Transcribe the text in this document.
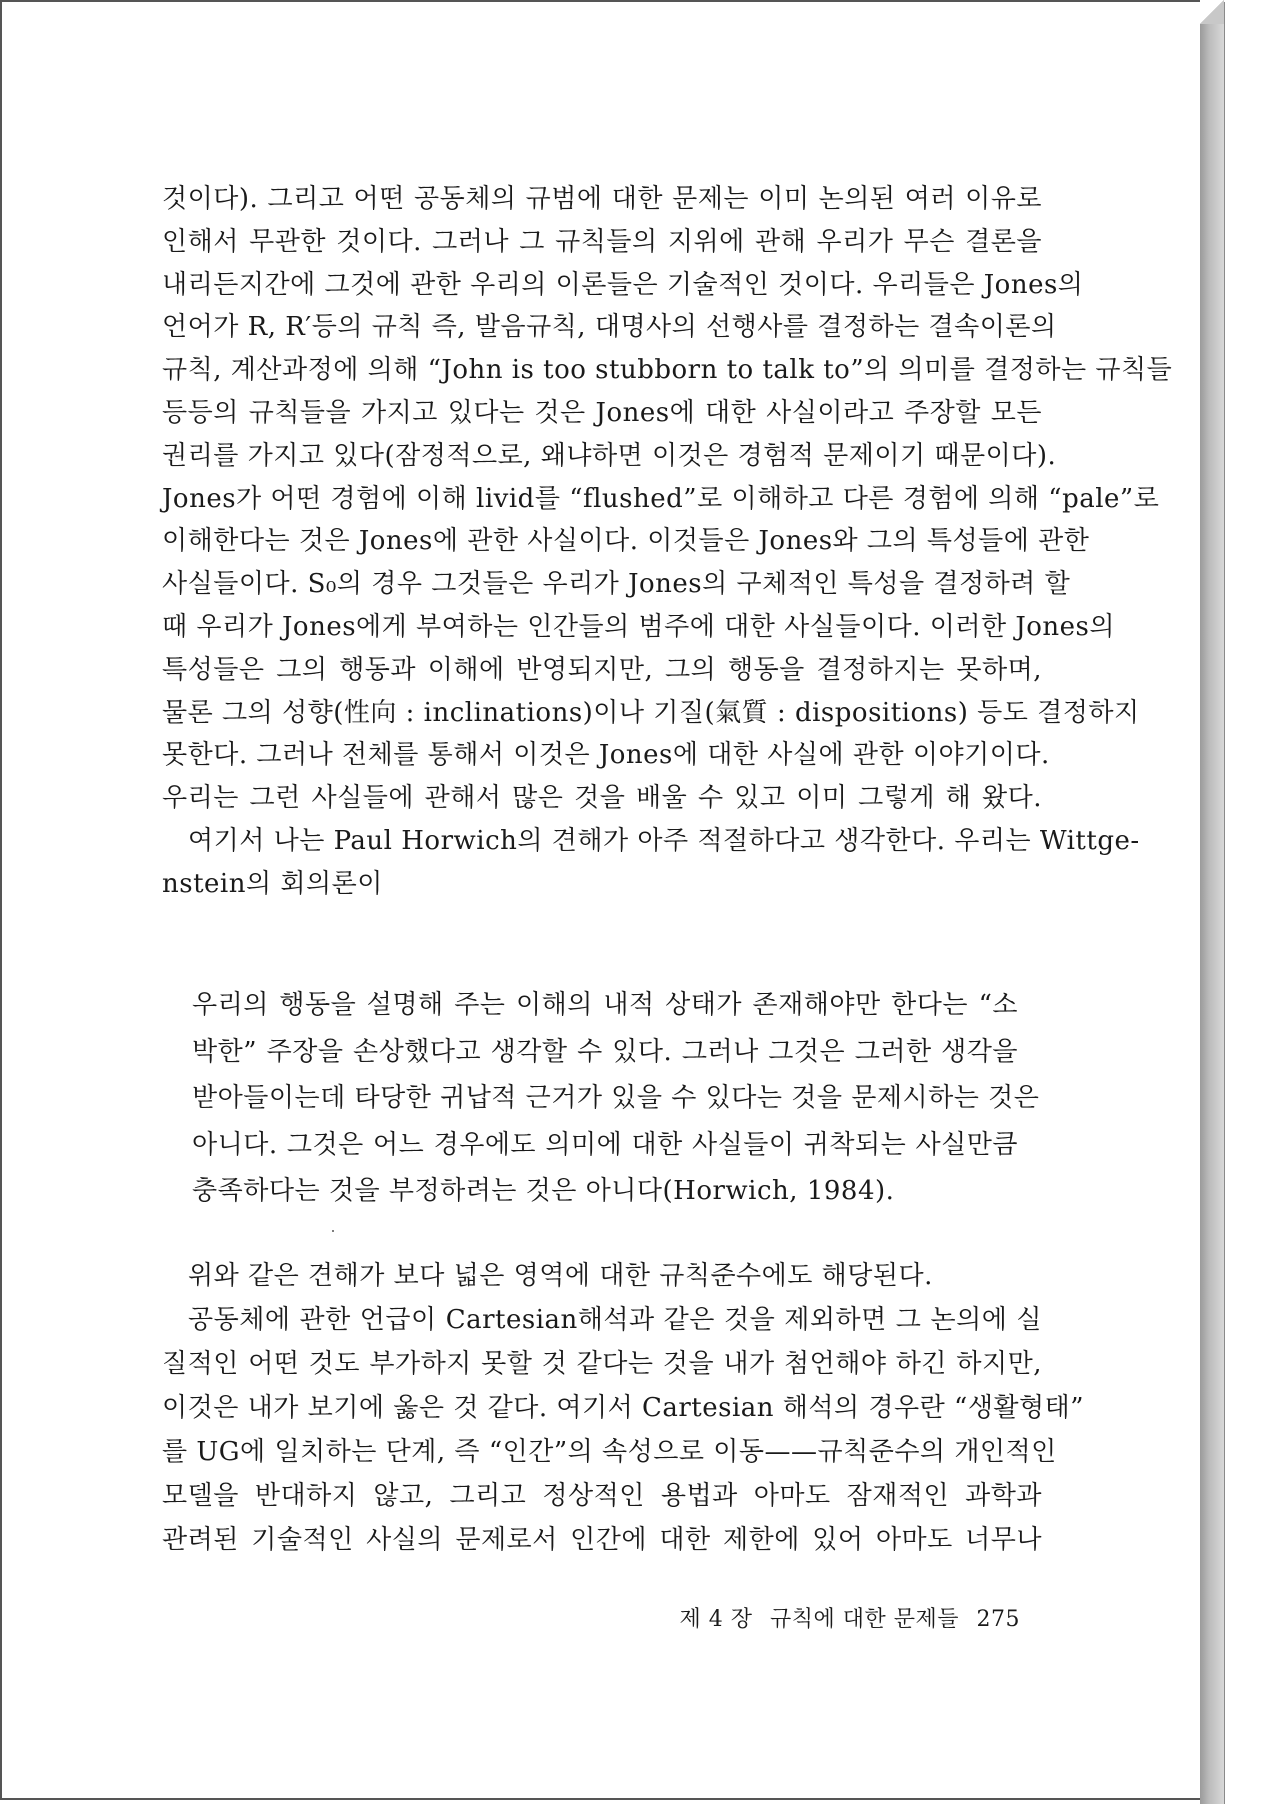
것이다). 그리고 어떤 공동체의 규범에 대한 문제는 이미 논의된 여러 이유로
인해서 무관한 것이다. 그러나 그 규칙들의 지위에 관해 우리가 무슨 결론을
내리든지간에 그것에 관한 우리의 이론들은 기술적인 것이다. 우리들은 Jones의
언어가 R, R′등의 규칙 즉, 발음규칙, 대명사의 선행사를 결정하는 결속이론의
규칙, 계산과정에 의해 “John is too stubborn to talk to”의 의미를 결정하는 규칙들
등등의 규칙들을 가지고 있다는 것은 Jones에 대한 사실이라고 주장할 모든
권리를 가지고 있다(잠정적으로, 왜냐하면 이것은 경험적 문제이기 때문이다).
Jones가 어떤 경험에 이해 livid를 “flushed”로 이해하고 다른 경험에 의해 “pale”로
이해한다는 것은 Jones에 관한 사실이다. 이것들은 Jones와 그의 특성들에 관한
사실들이다. S₀의 경우 그것들은 우리가 Jones의 구체적인 특성을 결정하려 할
때 우리가 Jones에게 부여하는 인간들의 범주에 대한 사실들이다. 이러한 Jones의
특성들은 그의 행동과 이해에 반영되지만, 그의 행동을 결정하지는 못하며,
물론 그의 성향(性向 : inclinations)이나 기질(氣質 : dispositions) 등도 결정하지
못한다. 그러나 전체를 통해서 이것은 Jones에 대한 사실에 관한 이야기이다.
우리는 그런 사실들에 관해서 많은 것을 배울 수 있고 이미 그렇게 해 왔다.
여기서 나는 Paul Horwich의 견해가 아주 적절하다고 생각한다. 우리는 Wittge-
nstein의 회의론이
우리의 행동을 설명해 주는 이해의 내적 상태가 존재해야만 한다는 “소
박한” 주장을 손상했다고 생각할 수 있다. 그러나 그것은 그러한 생각을
받아들이는데 타당한 귀납적 근거가 있을 수 있다는 것을 문제시하는 것은
아니다. 그것은 어느 경우에도 의미에 대한 사실들이 귀착되는 사실만큼
충족하다는 것을 부정하려는 것은 아니다(Horwich, 1984).
위와 같은 견해가 보다 넓은 영역에 대한 규칙준수에도 해당된다.
공동체에 관한 언급이 Cartesian해석과 같은 것을 제외하면 그 논의에 실
질적인 어떤 것도 부가하지 못할 것 같다는 것을 내가 첨언해야 하긴 하지만,
이것은 내가 보기에 옳은 것 같다. 여기서 Cartesian 해석의 경우란 “생활형태”
를 UG에 일치하는 단계, 즉 “인간”의 속성으로 이동——규칙준수의 개인적인
모델을 반대하지 않고, 그리고 정상적인 용법과 아마도 잠재적인 과학과
관려된 기술적인 사실의 문제로서 인간에 대한 제한에 있어 아마도 너무나
제 4 장 규칙에 대한 문제들 275
